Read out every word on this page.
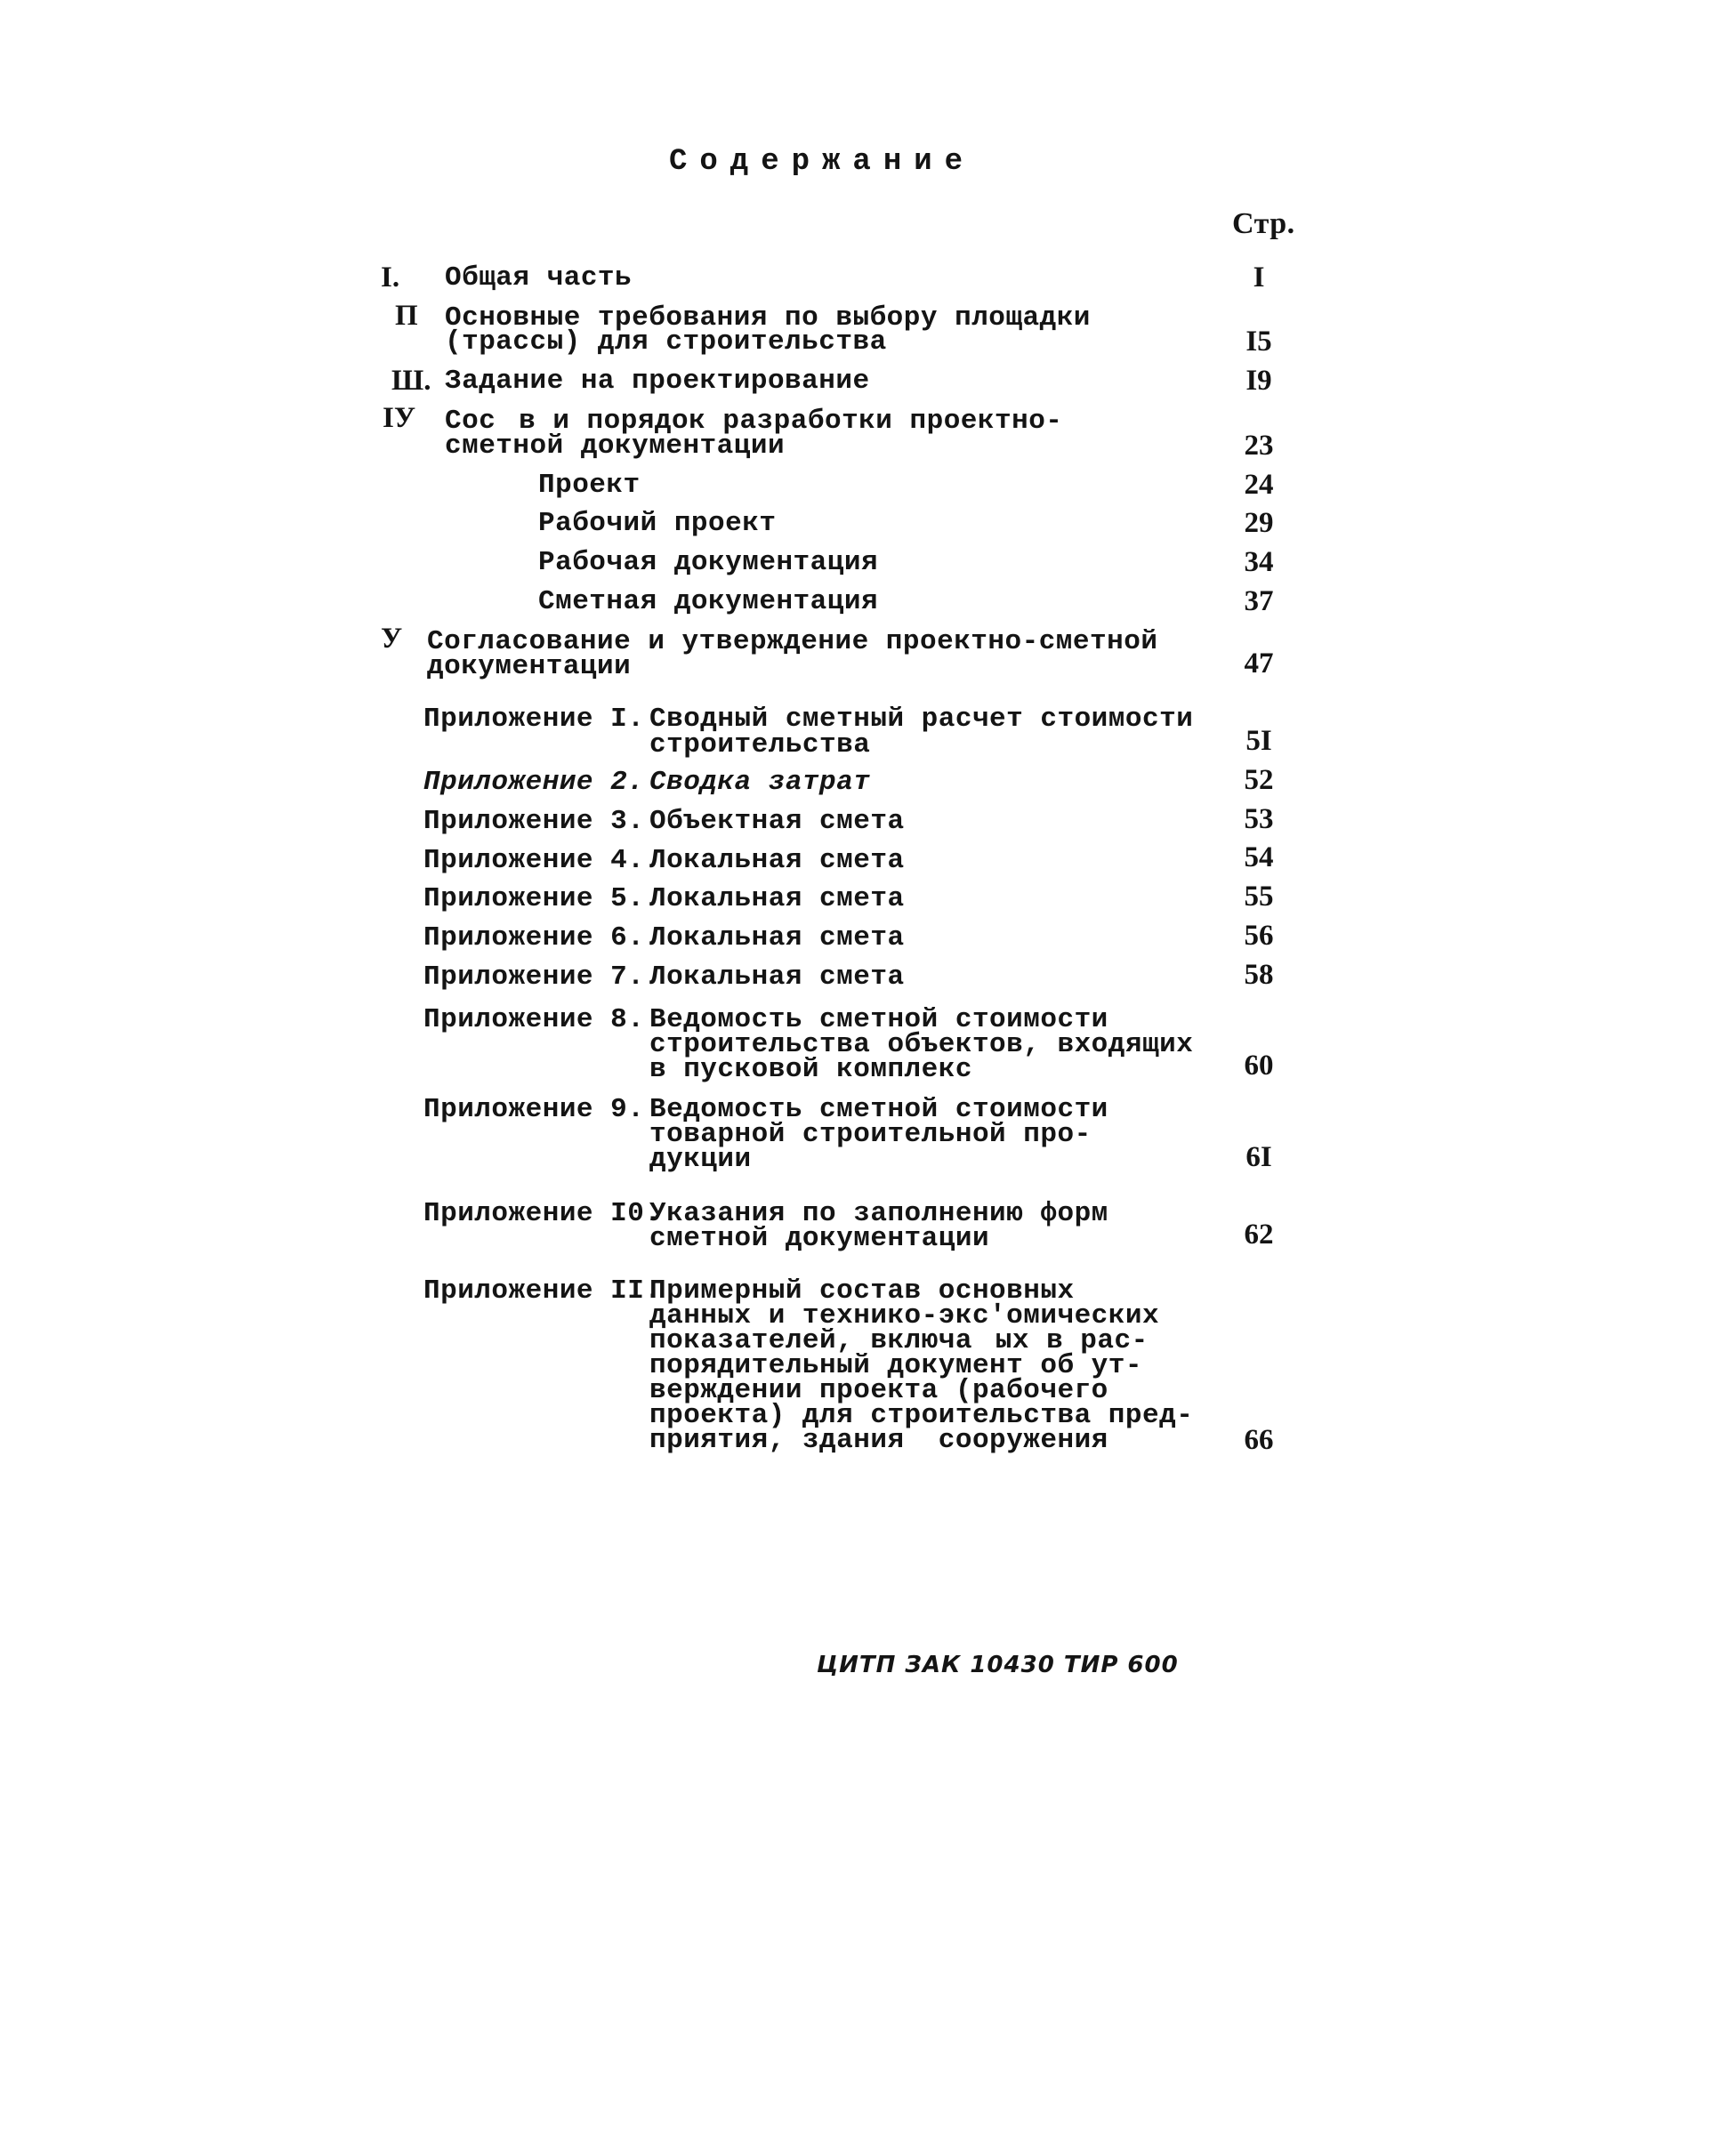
Содержание
Стр.
I. Общая часть	I
П Основные требования по выбору площадки
(трассы) для строительства	I5
Ш. Задание на проектирование	I9
IУ Сос  в и порядок разработки проектно-
сметной документации	23
Проект	24
Рабочий проект	29
Рабочая документация	34
Сметная документация	37
У Согласование и утверждение проектно-сметной
документации	47
Приложение I. Сводный сметный расчет стоимости
строительства	5I
Приложение 2. Сводка затрат	52
Приложение 3. Объектная смета	53
Приложение 4. Локальная смета	54
Приложение 5. Локальная смета	55
Приложение 6. Локальная смета	56
Приложение 7. Локальная смета	58
Приложение 8. Ведомость сметной стоимости
строительства объектов, входящих
в пусковой комплекс	60
Приложение 9. Ведомость сметной стоимости
товарной строительной про-
дукции	6I
Приложение I0.
Указания по заполнению форм
сметной документации	62
Приложение II.
Примерный состав основных
данных и технико-экс'омических
показателей, включа  ых в рас-
порядительный документ об ут-
верждении проекта (рабочего
проекта) для строительства пред-
приятия, здания  сооружения	66
ЦИТП ЗАК 10430 ТИР 600
